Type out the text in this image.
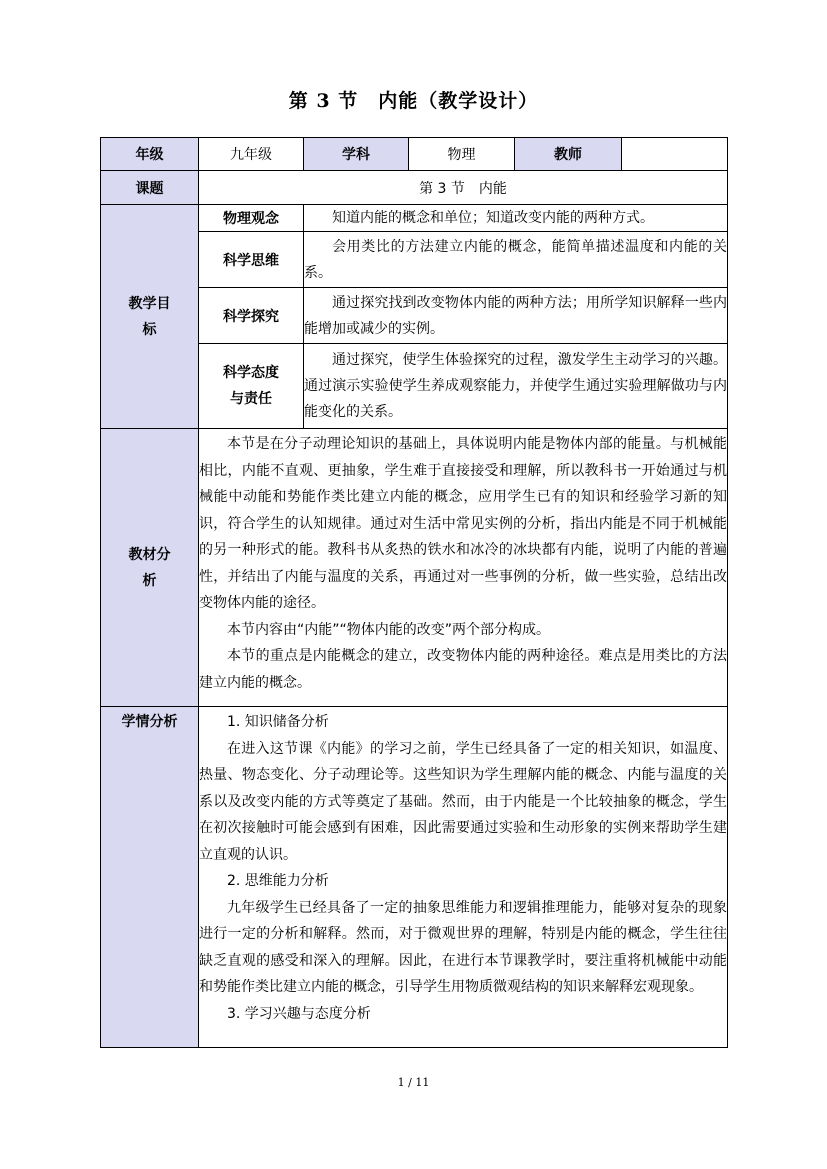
第 3 节　内能（教学设计）
年级	九年级	学科	物理	教师	
课题	第 3 节　内能				
教学目标	物理观念	知道内能的概念和单位；知道改变内能的两种方式。			
	科学思维	会用类比的方法建立内能的概念，能简单描述温度和内能的关系。			
	科学探究	通过探究找到改变物体内能的两种方法；用所学知识解释一些内能增加或减少的实例。			
	科学态度与责任	通过探究，使学生体验探究的过程，激发学生主动学习的兴趣。通过演示实验使学生养成观察能力，并使学生通过实验理解做功与内能变化的关系。			
教材分析	本节是在分子动理论知识的基础上，具体说明内能是物体内部的能量。与机械能相比，内能不直观、更抽象，学生难于直接接受和理解，所以教科书一开始通过与机械能中动能和势能作类比建立内能的概念，应用学生已有的知识和经验学习新的知识，符合学生的认知规律。通过对生活中常见实例的分析，指出内能是不同于机械能的另一种形式的能。教科书从炙热的铁水和冰冷的冰块都有内能，说明了内能的普遍性，并结出了内能与温度的关系，再通过对一些事例的分析，做一些实验，总结出改变物体内能的途径。

本节内容由“内能”“物体内能的改变”两个部分构成。

本节的重点是内能概念的建立，改变物体内能的两种途径。难点是用类比的方法建立内能的概念。				

学情分析	1. 知识储备分析

在进入这节课《内能》的学习之前，学生已经具备了一定的相关知识，如温度、热量、物态变化、分子动理论等。这些知识为学生理解内能的概念、内能与温度的关系以及改变内能的方式等奠定了基础。然而，由于内能是一个比较抽象的概念，学生在初次接触时可能会感到有困难，因此需要通过实验和生动形象的实例来帮助学生建立直观的认识。

2. 思维能力分析

九年级学生已经具备了一定的抽象思维能力和逻辑推理能力，能够对复杂的现象进行一定的分析和解释。然而，对于微观世界的理解，特别是内能的概念，学生往往缺乏直观的感受和深入的理解。因此，在进行本节课教学时，要注重将机械能中动能和势能作类比建立内能的概念，引导学生用物质微观结构的知识来解释宏观现象。

3. 学习兴趣与态度分析				

1 / 11
